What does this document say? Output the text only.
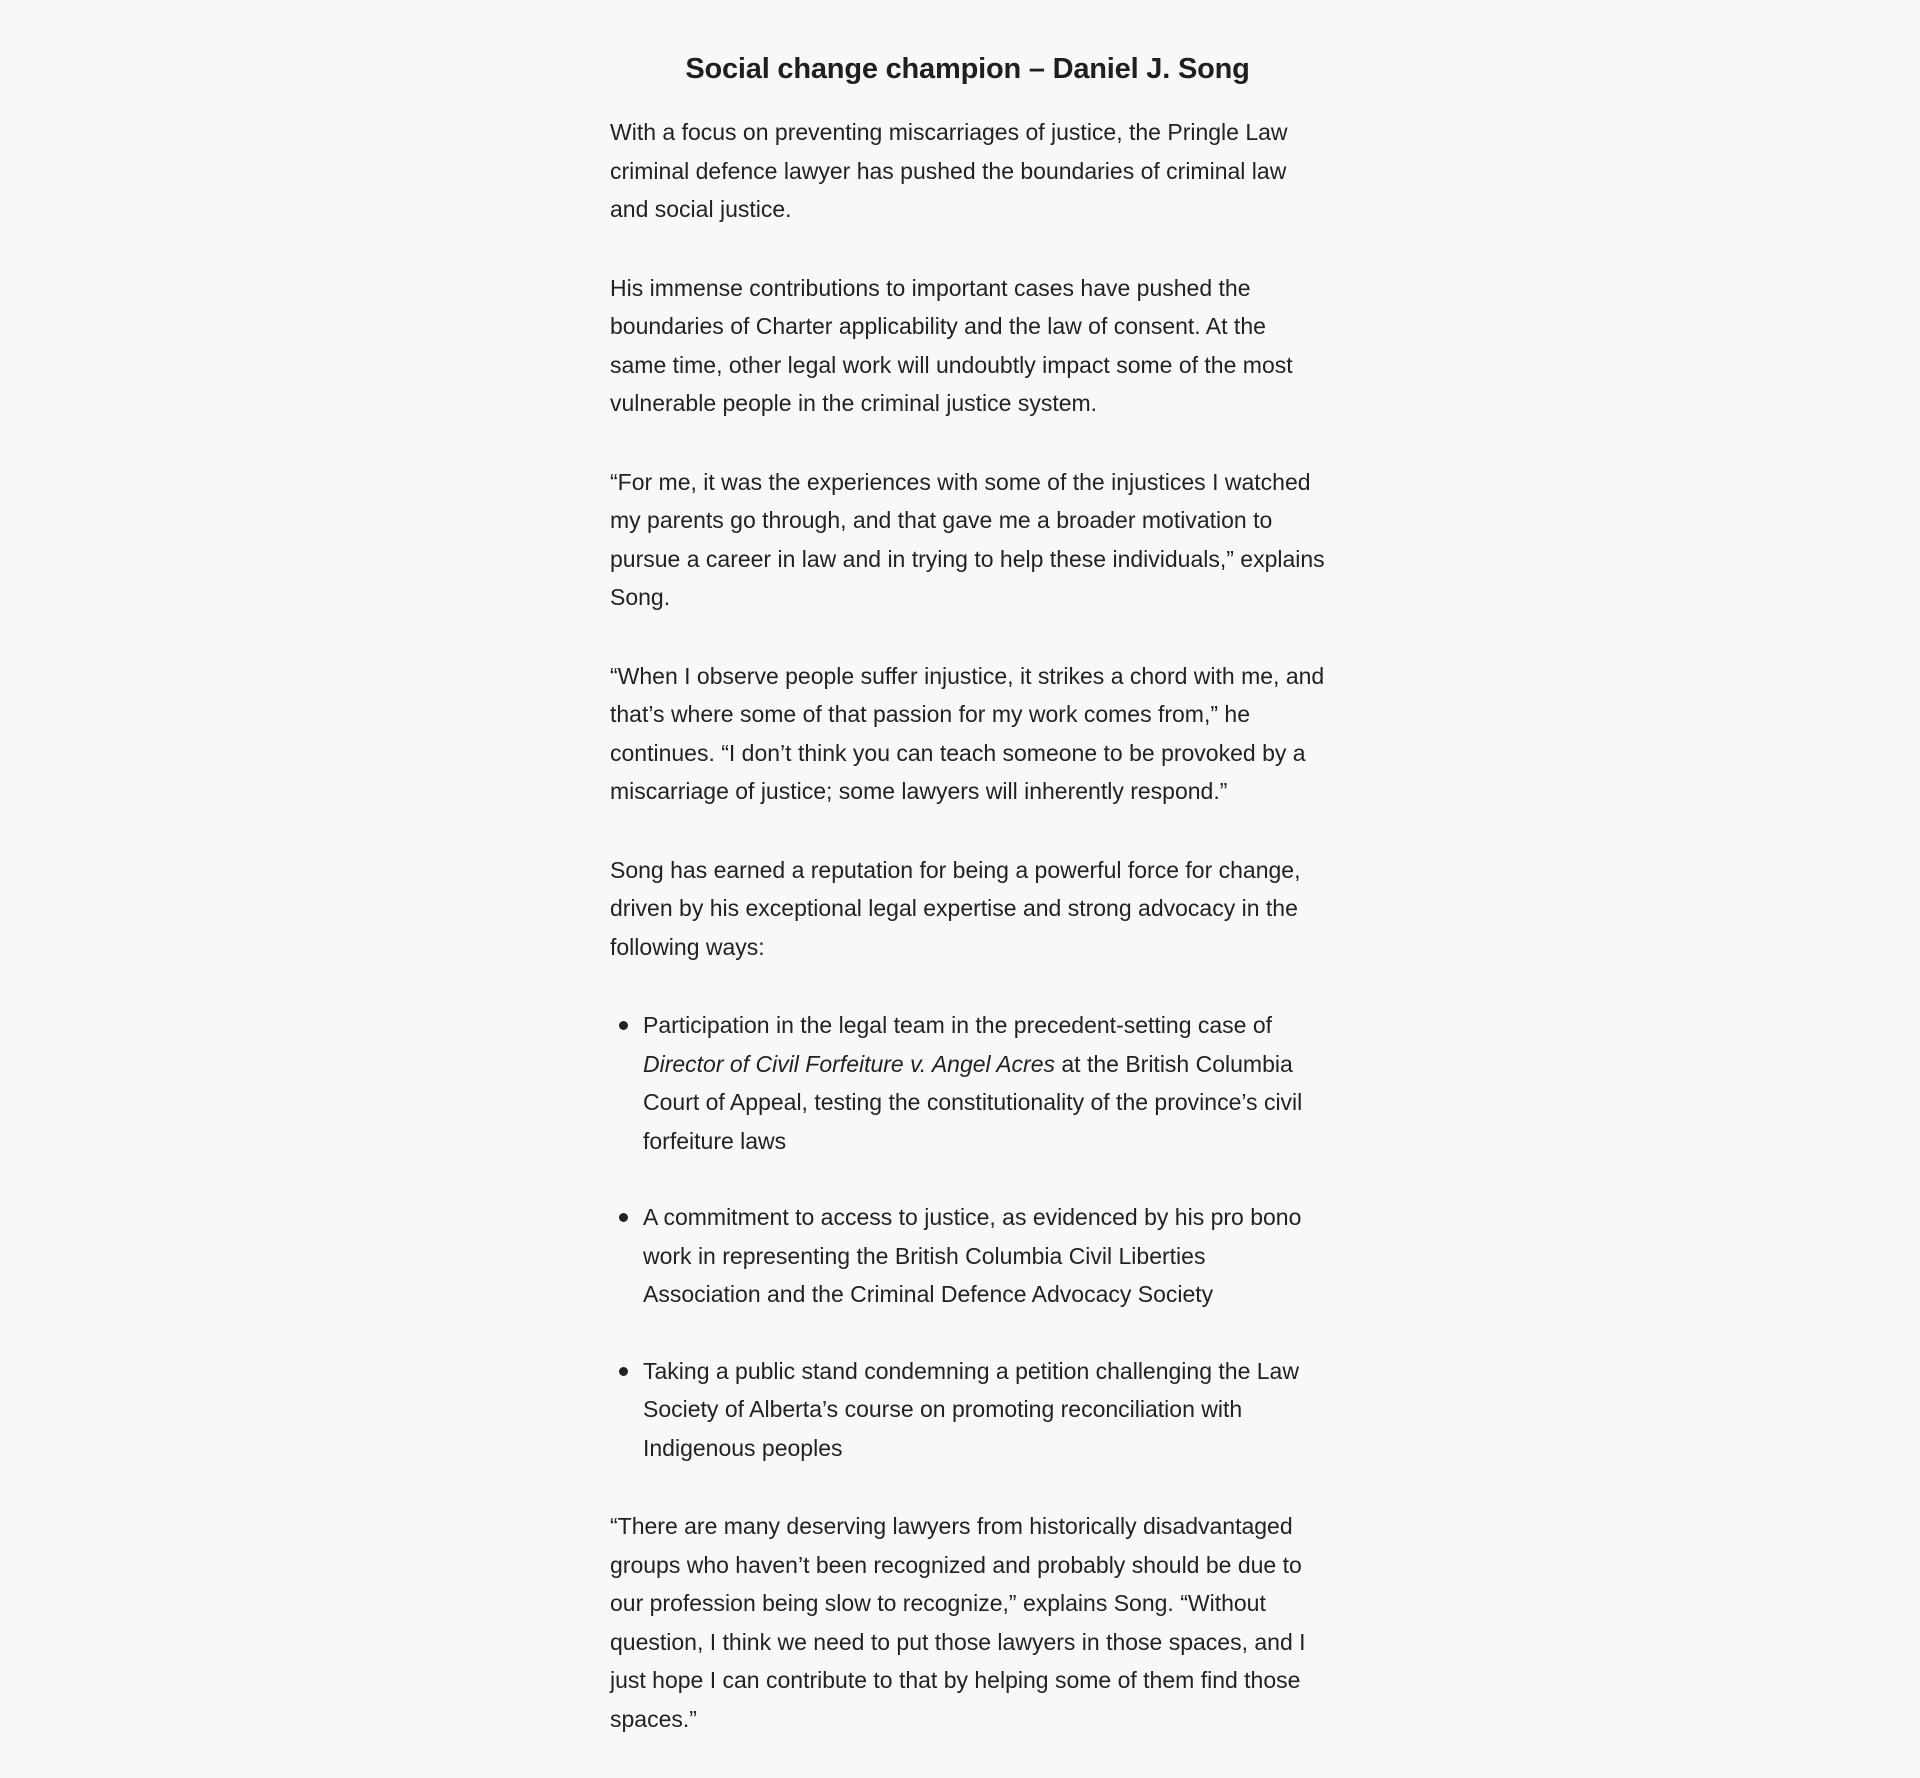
Social change champion – Daniel J. Song

With a focus on preventing miscarriages of justice, the Pringle Law criminal defence lawyer has pushed the boundaries of criminal law and social justice.

His immense contributions to important cases have pushed the boundaries of Charter applicability and the law of consent. At the same time, other legal work will undoubtly impact some of the most vulnerable people in the criminal justice system.

“For me, it was the experiences with some of the injustices I watched my parents go through, and that gave me a broader motivation to pursue a career in law and in trying to help these individuals,” explains Song.

“When I observe people suffer injustice, it strikes a chord with me, and that’s where some of that passion for my work comes from,” he continues. “I don’t think you can teach someone to be provoked by a miscarriage of justice; some lawyers will inherently respond.”

Song has earned a reputation for being a powerful force for change, driven by his exceptional legal expertise and strong advocacy in the following ways:

Participation in the legal team in the precedent-setting case of Director of Civil Forfeiture v. Angel Acres at the British Columbia Court of Appeal, testing the constitutionality of the province’s civil forfeiture laws
A commitment to access to justice, as evidenced by his pro bono work in representing the British Columbia Civil Liberties Association and the Criminal Defence Advocacy Society
Taking a public stand condemning a petition challenging the Law Society of Alberta’s course on promoting reconciliation with Indigenous peoples

“There are many deserving lawyers from historically disadvantaged groups who haven’t been recognized and probably should be due to our profession being slow to recognize,” explains Song. “Without question, I think we need to put those lawyers in those spaces, and I just hope I can contribute to that by helping some of them find those spaces.”
